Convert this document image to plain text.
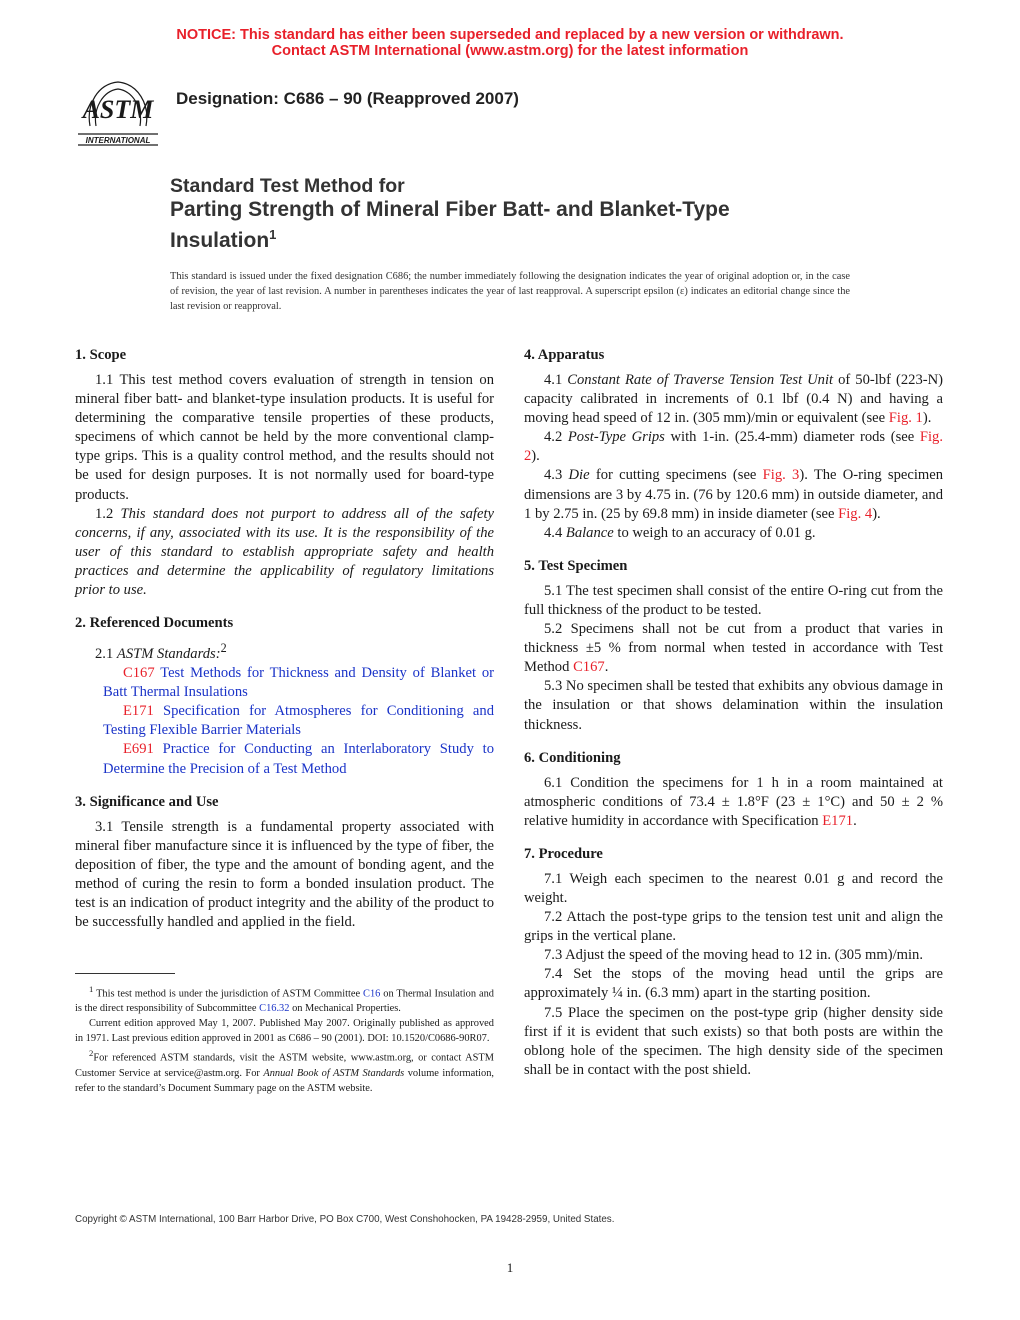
NOTICE: This standard has either been superseded and replaced by a new version or withdrawn.
Contact ASTM International (www.astm.org) for the latest information
ASTM
INTERNATIONAL
Designation: C686 – 90 (Reapproved 2007)
Standard Test Method for
Parting Strength of Mineral Fiber Batt- and Blanket-Type
Insulation$^1$
This standard is issued under the fixed designation C686; the number immediately following the designation indicates the year of original adoption or, in the case of revision, the year of last revision. A number in parentheses indicates the year of last reapproval. A superscript epsilon (ε) indicates an editorial change since the last revision or reapproval.
1. Scope

1.1 This test method covers evaluation of strength in tension on mineral fiber batt- and blanket-type insulation products. It is useful for determining the comparative tensile properties of these products, specimens of which cannot be held by the more conventional clamp-type grips. This is a quality control method, and the results should not be used for design purposes. It is not normally used for board-type products.

1.2 This standard does not purport to address all of the safety concerns, if any, associated with its use. It is the responsibility of the user of this standard to establish appropriate safety and health practices and determine the applicability of regulatory limitations prior to use.

2. Referenced Documents

2.1 ASTM Standards:$^2$

C167 Test Methods for Thickness and Density of Blanket or Batt Thermal Insulations

E171 Specification for Atmospheres for Conditioning and Testing Flexible Barrier Materials

E691 Practice for Conducting an Interlaboratory Study to Determine the Precision of a Test Method

3. Significance and Use

3.1 Tensile strength is a fundamental property associated with mineral fiber manufacture since it is influenced by the type of fiber, the deposition of fiber, the type and the amount of bonding agent, and the method of curing the resin to form a bonded insulation product. The test is an indication of product integrity and the ability of the product to be successfully handled and applied in the field.

4. Apparatus

4.1 Constant Rate of Traverse Tension Test Unit of 50-lbf (223-N) capacity calibrated in increments of 0.1 lbf (0.4 N) and having a moving head speed of 12 in. (305 mm)/min or equivalent (see Fig. 1).

4.2 Post-Type Grips with 1-in. (25.4-mm) diameter rods (see Fig. 2).

4.3 Die for cutting specimens (see Fig. 3). The O-ring specimen dimensions are 3 by 4.75 in. (76 by 120.6 mm) in outside diameter, and 1 by 2.75 in. (25 by 69.8 mm) in inside diameter (see Fig. 4).

4.4 Balance to weigh to an accuracy of 0.01 g.

5. Test Specimen

5.1 The test specimen shall consist of the entire O-ring cut from the full thickness of the product to be tested.

5.2 Specimens shall not be cut from a product that varies in thickness ±5 % from normal when tested in accordance with Test Method C167.

5.3 No specimen shall be tested that exhibits any obvious damage in the insulation or that shows delamination within the insulation thickness.

6. Conditioning

6.1 Condition the specimens for 1 h in a room maintained at atmospheric conditions of 73.4 ± 1.8°F (23 ± 1°C) and 50 ± 2 % relative humidity in accordance with Specification E171.

7. Procedure

7.1 Weigh each specimen to the nearest 0.01 g and record the weight.

7.2 Attach the post-type grips to the tension test unit and align the grips in the vertical plane.

7.3 Adjust the speed of the moving head to 12 in. (305 mm)/min.

7.4 Set the stops of the moving head until the grips are approximately ¼ in. (6.3 mm) apart in the starting position.

7.5 Place the specimen on the post-type grip (higher density side first if it is evident that such exists) so that both posts are within the oblong hole of the specimen. The high density side of the specimen shall be in contact with the post shield.

$^1$ This test method is under the jurisdiction of ASTM Committee C16 on Thermal Insulation and is the direct responsibility of Subcommittee C16.32 on Mechanical Properties.

Current edition approved May 1, 2007. Published May 2007. Originally published as approved in 1971. Last previous edition approved in 2001 as C686 – 90 (2001). DOI: 10.1520/C0686-90R07.

$^2$For referenced ASTM standards, visit the ASTM website, www.astm.org, or contact ASTM Customer Service at service@astm.org. For Annual Book of ASTM Standards volume information, refer to the standard’s Document Summary page on the ASTM website.

Copyright © ASTM International, 100 Barr Harbor Drive, PO Box C700, West Conshohocken, PA 19428-2959, United States.
1
